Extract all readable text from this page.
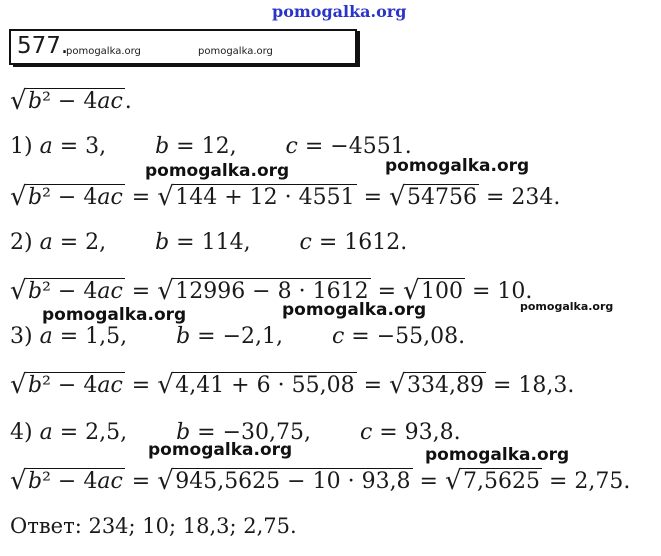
pomogalka.org
577.
pomogalka.org	pomogalka.org
√ b² − 4ac.
1) a = 3,       b = 12,       c = −4551.
pomogalka.org	pomogalka.org
√ b² − 4ac = √ 144 + 12 · 4551 = √ 54756 = 234.
2) a = 2,       b = 114,       c = 1612.
√ b² − 4ac = √ 12996 − 8 · 1612 = √ 100 = 10.
pomogalka.org	pomogalka.org	pomogalka.org
3) a = 1,5,       b = −2,1,       c = −55,08.
√ b² − 4ac = √ 4,41 + 6 · 55,08 = √ 334,89 = 18,3.
4) a = 2,5,       b = −30,75,       c = 93,8.
pomogalka.org	pomogalka.org
√ b² − 4ac = √ 945,5625 − 10 · 93,8 = √ 7,5625 = 2,75.
Ответ: 234; 10; 18,3; 2,75.
